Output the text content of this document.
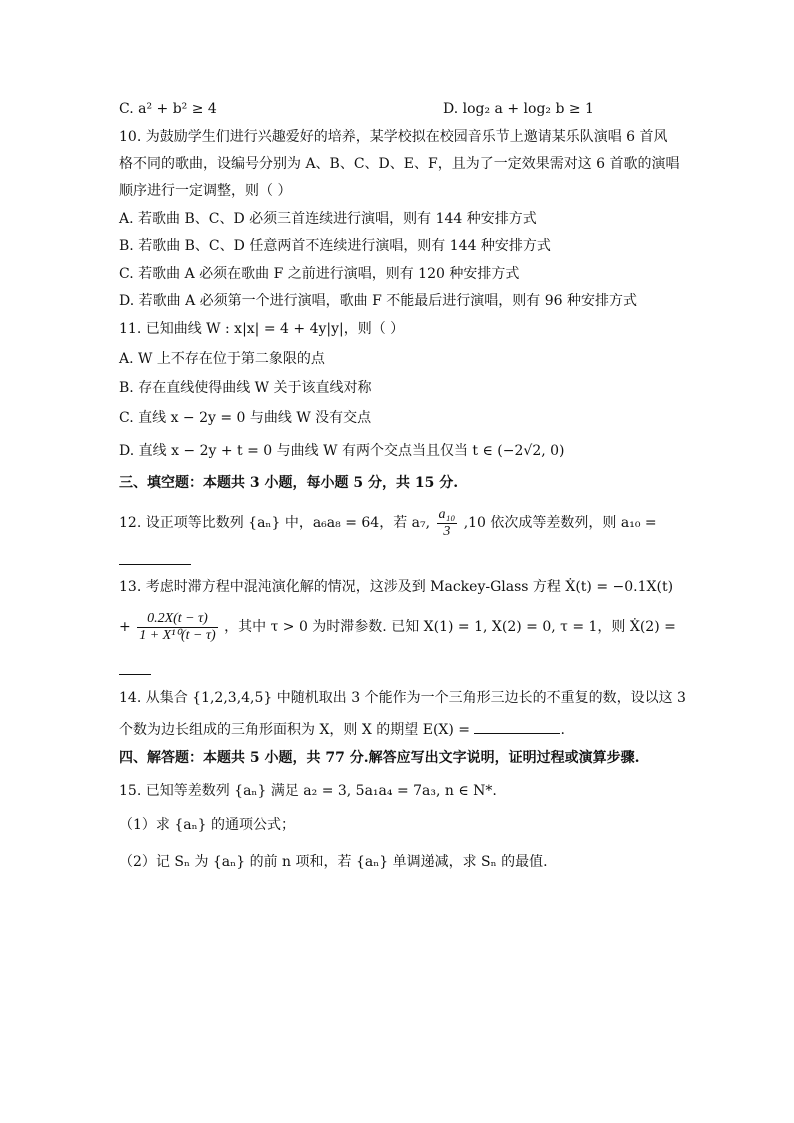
C. a² + b² ≥ 4	D. log₂ a + log₂ b ≥ 1
10. 为鼓励学生们进行兴趣爱好的培养，某学校拟在校园音乐节上邀请某乐队演唱 6 首风
格不同的歌曲，设编号分别为 A、B、C、D、E、F，且为了一定效果需对这 6 首歌的演唱
顺序进行一定调整，则（ ）
A. 若歌曲 B、C、D 必须三首连续进行演唱，则有 144 种安排方式
B. 若歌曲 B、C、D 任意两首不连续进行演唱，则有 144 种安排方式
C. 若歌曲 A 必须在歌曲 F 之前进行演唱，则有 120 种安排方式
D. 若歌曲 A 必须第一个进行演唱，歌曲 F 不能最后进行演唱，则有 96 种安排方式
11. 已知曲线 W : x|x| = 4 + 4y|y|，则（ ）
A. W 上不存在位于第二象限的点
B. 存在直线使得曲线 W 关于该直线对称
C. 直线 x − 2y = 0 与曲线 W 没有交点
D. 直线 x − 2y + t = 0 与曲线 W 有两个交点当且仅当 t ∈ (−2√2, 0)
三、填空题：本题共 3 小题，每小题 5 分，共 15 分.
12. 设正项等比数列 {aₙ} 中，a₆a₈ = 64，若 a₇, $\frac{\text{a₁₀}}{3} ,10$ 依次成等差数列，则 a₁₀ =
13. 考虑时滞方程中混沌演化解的情况，这涉及到 Mackey-Glass 方程 Ẋ(t) = −0.1X(t)
+ $\frac{0.2X(t - \tau)}{\text{1 + X¹⁰(t − τ)}}$ ，其中 τ > 0 为时滞参数. 已知 X(1) = 1, X(2) = 0, τ = 1，则 Ẋ(2) =
14. 从集合 {1,2,3,4,5} 中随机取出 3 个能作为一个三角形三边长的不重复的数，设以这 3
个数为边长组成的三角形面积为 X，则 X 的期望 E(X) =	.
四、解答题：本题共 5 小题，共 77 分.解答应写出文字说明，证明过程或演算步骤.
15. 已知等差数列 {aₙ} 满足 a₂ = 3, 5a₁a₄ = 7a₃, n ∈ N*.
（1）求 {aₙ} 的通项公式；
（2）记 Sₙ 为 {aₙ} 的前 n 项和，若 {aₙ} 单调递减，求 Sₙ 的最值.
